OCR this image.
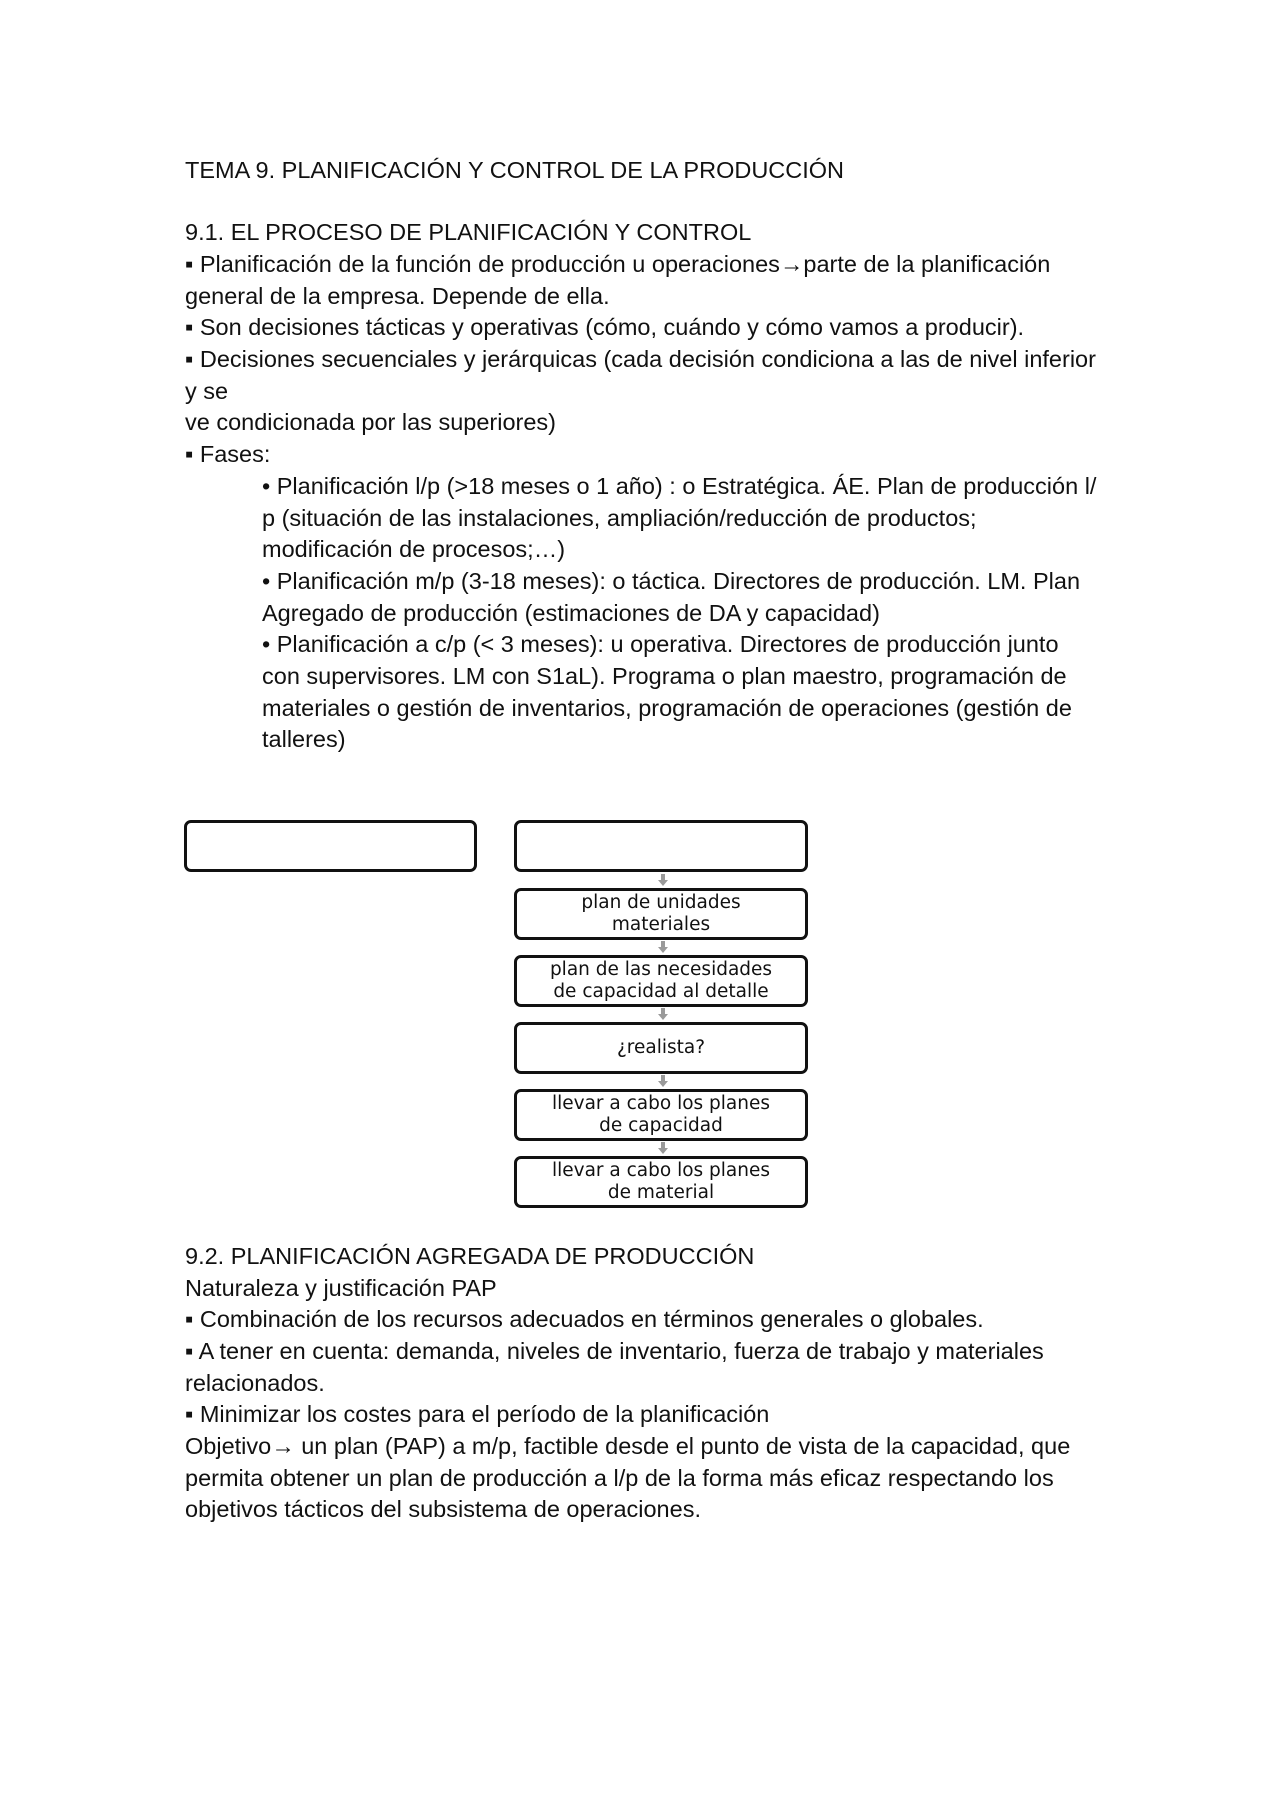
TEMA 9. PLANIFICACIÓN Y CONTROL DE LA PRODUCCIÓN
9.1. EL PROCESO DE PLANIFICACIÓN Y CONTROL
▪ Planificación de la función de producción u operaciones→parte de la planificación
general de la empresa. Depende de ella.
▪ Son decisiones tácticas y operativas (cómo, cuándo y cómo vamos a producir).
▪ Decisiones secuenciales y jerárquicas (cada decisión condiciona a las de nivel inferior
y se
ve condicionada por las superiores)
▪ Fases:
• Planificación l/p (>18 meses o 1 año) : o Estratégica. ÁE. Plan de producción l/
p (situación de las instalaciones, ampliación/reducción de productos;
modificación de procesos;…)
• Planificación m/p (3-18 meses): o táctica. Directores de producción. LM. Plan
Agregado de producción (estimaciones de DA y capacidad)
• Planificación a c/p (< 3 meses): u operativa. Directores de producción junto
con supervisores. LM con S1aL). Programa o plan maestro, programación de
materiales o gestión de inventarios, programación de operaciones (gestión de
talleres)
plan de unidades
materiales
plan de las necesidades
de capacidad al detalle
¿realista?
llevar a cabo los planes
de capacidad
llevar a cabo los planes
de material
9.2. PLANIFICACIÓN AGREGADA DE PRODUCCIÓN
Naturaleza y justificación PAP
▪ Combinación de los recursos adecuados en términos generales o globales.
▪ A tener en cuenta: demanda, niveles de inventario, fuerza de trabajo y materiales
relacionados.
▪ Minimizar los costes para el período de la planificación
Objetivo→ un plan (PAP) a m/p, factible desde el punto de vista de la capacidad, que
permita obtener un plan de producción a l/p de la forma más eficaz respectando los
objetivos tácticos del subsistema de operaciones.
